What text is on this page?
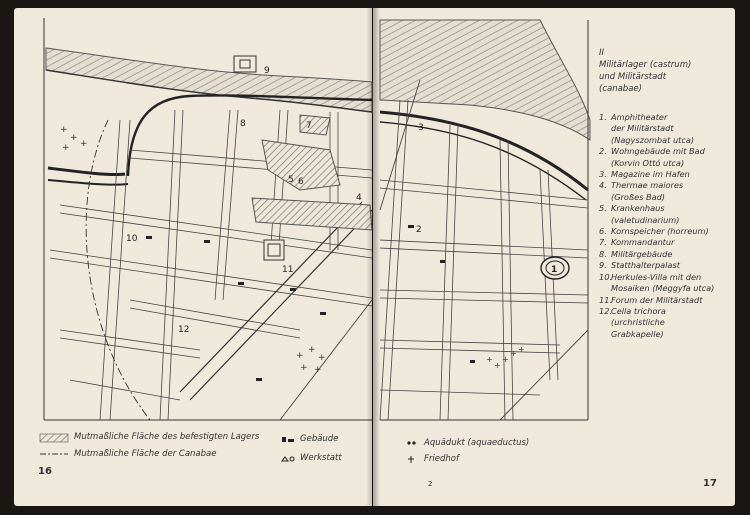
+
+
+ +
+
+
+
+ +
+
+
+
+ +
1
2
3
4
5 6
7
8
9
10
11
12
II
Militärlager (castrum)
und Militärstadt
(canabae)
1. Amphitheater
der Militärstadt
(Nagyszombat utca)
2. Wohngebäude mit Bad
(Korvin Ottó utca)
3. Magazine im Hafen
4. Thermae maiores
(Großes Bad)
5. Krankenhaus
(valetudinarium)
6. Kornspeicher (horreum)
7. Kommandantur
8. Militärgebäude
9. Statthalterpalast
10.
Herkules-Villa mit den
Mosaiken (Meggyfa utca)
11.
Forum der Militärstadt
12.
Cella trichora
(urchristliche
Grabkapelle)
Mutmaßliche Fläche des befestigten Lagers
Mutmaßliche Fläche der Canabae
Gebäude
Werkstatt
Aquädukt (aquaeductus)
Friedhof
16
17
2
